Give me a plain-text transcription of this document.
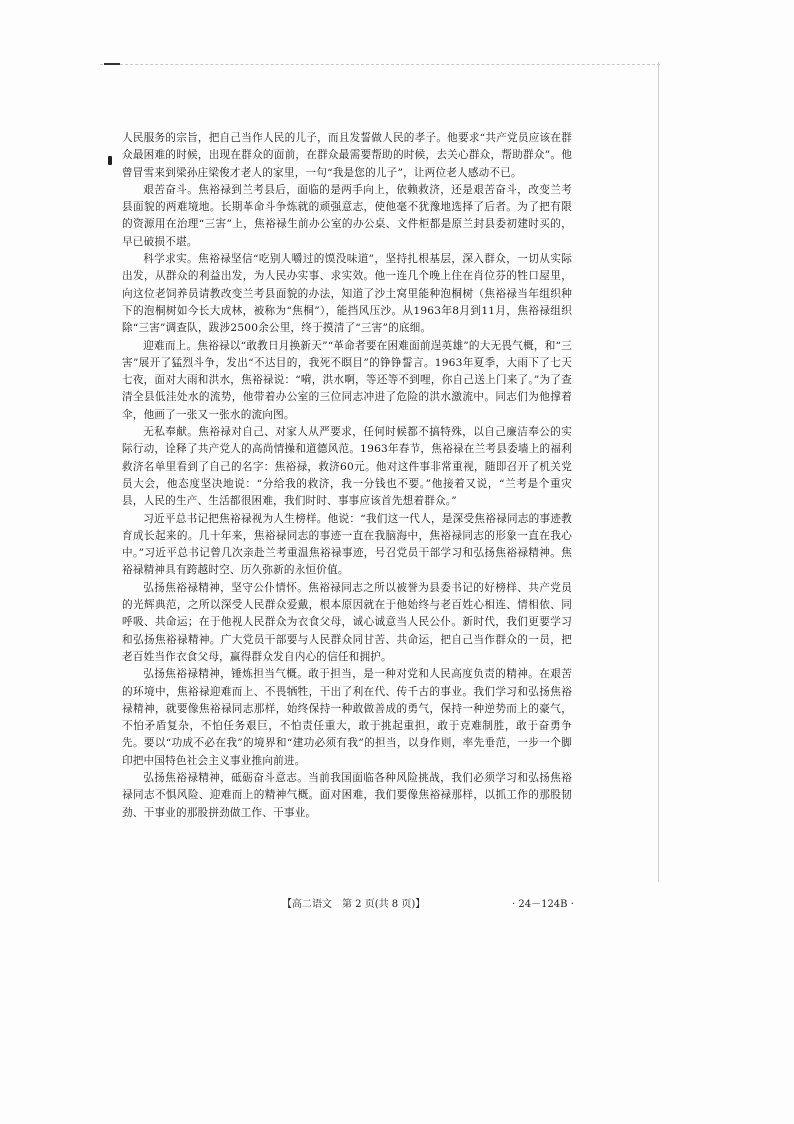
人民服务的宗旨，把自己当作人民的儿子，而且发誓做人民的孝子。他要求“共产党员应该在群众最困难的时候，出现在群众的面前，在群众最需要帮助的时候，去关心群众，帮助群众”。他曾冒雪来到梁孙庄梁俊才老人的家里，一句“我是您的儿子”，让两位老人感动不已。

艰苦奋斗。焦裕禄到兰考县后，面临的是两手向上，依赖救济，还是艰苦奋斗，改变兰考县面貌的两难境地。长期革命斗争炼就的顽强意志，使他毫不犹豫地选择了后者。为了把有限的资源用在治理“三害”上，焦裕禄生前办公室的办公桌、文件柜都是原兰封县委初建时买的，早已破损不堪。

科学求实。焦裕禄坚信“吃别人嚼过的馍没味道”，坚持扎根基层，深入群众，一切从实际出发，从群众的利益出发，为人民办实事、求实效。他一连几个晚上住在肖位芬的牲口屋里，向这位老饲养员请教改变兰考县面貌的办法，知道了沙土窝里能种泡桐树（焦裕禄当年组织种下的泡桐树如今长大成林，被称为“焦桐”），能挡风压沙。从1963年8月到11月，焦裕禄组织除“三害”调查队，跋涉2500余公里，终于摸清了“三害”的底细。

迎难而上。焦裕禄以“敢教日月换新天”“革命者要在困难面前逞英雄”的大无畏气概，和“三害”展开了猛烈斗争，发出“不达目的，我死不瞑目”的铮铮誓言。1963年夏季，大雨下了七天七夜，面对大雨和洪水，焦裕禄说：“嗬，洪水啊，等还等不到哩，你自己送上门来了。”为了查清全县低洼处水的流势，他带着办公室的三位同志冲进了危险的洪水激流中。同志们为他撑着伞，他画了一张又一张水的流向图。

无私奉献。焦裕禄对自己、对家人从严要求，任何时候都不搞特殊，以自己廉洁奉公的实际行动，诠释了共产党人的高尚情操和道德风范。1963年春节，焦裕禄在兰考县委墙上的福利救济名单里看到了自己的名字：焦裕禄，救济60元。他对这件事非常重视，随即召开了机关党员大会，他态度坚决地说：“分给我的救济，我一分钱也不要。”他接着又说，“兰考是个重灾县，人民的生产、生活都很困难，我们时时、事事应该首先想着群众。”

习近平总书记把焦裕禄视为人生榜样。他说：“我们这一代人，是深受焦裕禄同志的事迹教育成长起来的。几十年来，焦裕禄同志的事迹一直在我脑海中，焦裕禄同志的形象一直在我心中。”习近平总书记曾几次亲赴兰考重温焦裕禄事迹，号召党员干部学习和弘扬焦裕禄精神。焦裕禄精神具有跨越时空、历久弥新的永恒价值。

弘扬焦裕禄精神，坚守公仆情怀。焦裕禄同志之所以被誉为县委书记的好榜样、共产党员的光辉典范，之所以深受人民群众爱戴，根本原因就在于他始终与老百姓心相连、情相依、同呼吸、共命运；在于他视人民群众为衣食父母，诚心诚意当人民公仆。新时代，我们更要学习和弘扬焦裕禄精神。广大党员干部要与人民群众同甘苦、共命运，把自己当作群众的一员，把老百姓当作衣食父母，赢得群众发自内心的信任和拥护。

弘扬焦裕禄精神，锤炼担当气概。敢于担当，是一种对党和人民高度负责的精神。在艰苦的环境中，焦裕禄迎难而上、不畏牺牲，干出了利在代、传千古的事业。我们学习和弘扬焦裕禄精神，就要像焦裕禄同志那样，始终保持一种敢做善成的勇气，保持一种逆势而上的豪气，不怕矛盾复杂，不怕任务艰巨，不怕责任重大，敢于挑起重担，敢于克难制胜，敢于奋勇争先。要以“功成不必在我”的境界和“建功必须有我”的担当，以身作则，率先垂范，一步一个脚印把中国特色社会主义事业推向前进。

弘扬焦裕禄精神，砥砺奋斗意志。当前我国面临各种风险挑战，我们必须学习和弘扬焦裕禄同志不惧风险、迎难而上的精神气概。面对困难，我们要像焦裕禄那样，以抓工作的那股韧劲、干事业的那股拼劲做工作、干事业。

【高二语文　第 2 页(共 8 页)】	· 24－124B ·
